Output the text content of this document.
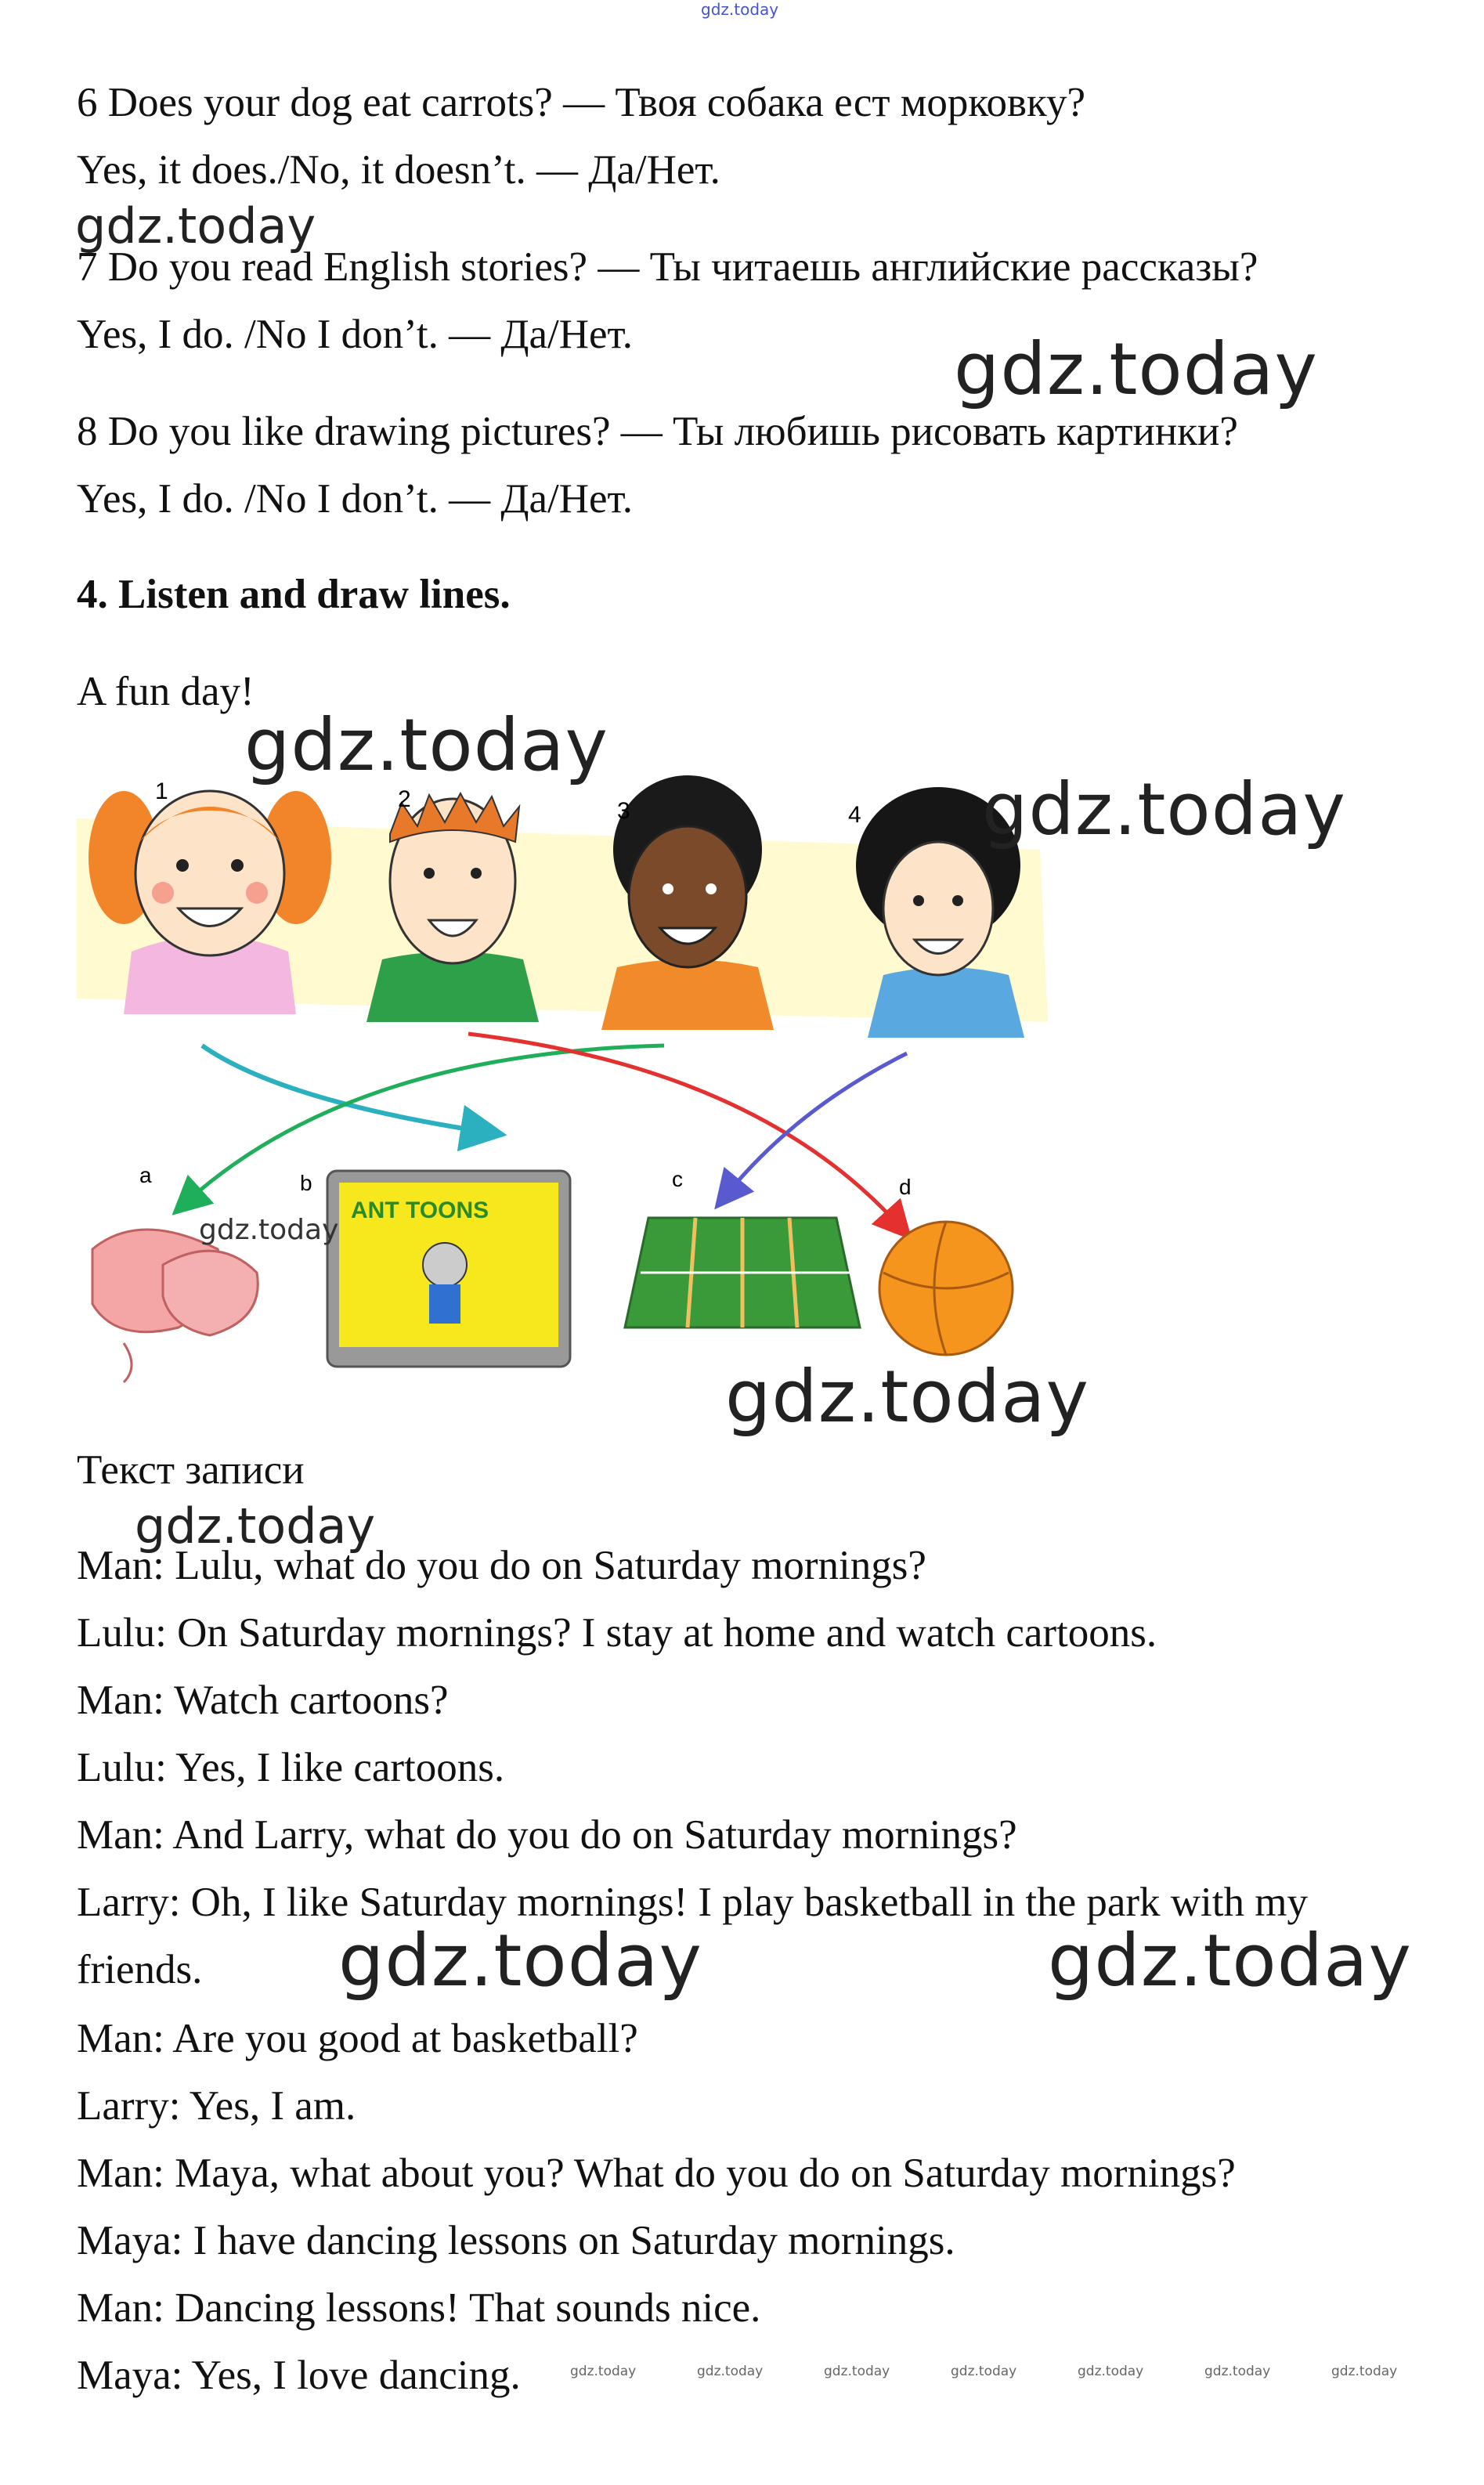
gdz.today
6 Does your dog eat carrots? — Твоя собака ест морковку?
Yes, it does./No, it doesn’t. — Да/Нет.
gdz.today
7 Do you read English stories? — Ты читаешь английские рассказы?
Yes, I do. /No I don’t. — Да/Нет.	gdz.today
8 Do you like drawing pictures? — Ты любишь рисовать картинки?
Yes, I do. /No I don’t. — Да/Нет.
4. Listen and draw lines.
A fun day!
1	2	3	4
a
ANT TOONS
b	c	d
gdz.today
gdz.today
gdz.today
gdz.today
Текст записи
gdz.today
Man: Lulu, what do you do on Saturday mornings?
Lulu: On Saturday mornings? I stay at home and watch cartoons.
Man: Watch cartoons?
Lulu: Yes, I like cartoons.
Man: And Larry, what do you do on Saturday mornings?
Larry: Oh, I like Saturday mornings! I play basketball in the park with my
friends. gdz.today	gdz.today
Man: Are you good at basketball?
Larry: Yes, I am.
Man: Maya, what about you? What do you do on Saturday mornings?
Maya: I have dancing lessons on Saturday mornings.
Man: Dancing lessons! That sounds nice.
Maya: Yes, I love dancing.	gdz.today	gdz.today	gdz.today	gdz.today	gdz.today	gdz.today	gdz.today
